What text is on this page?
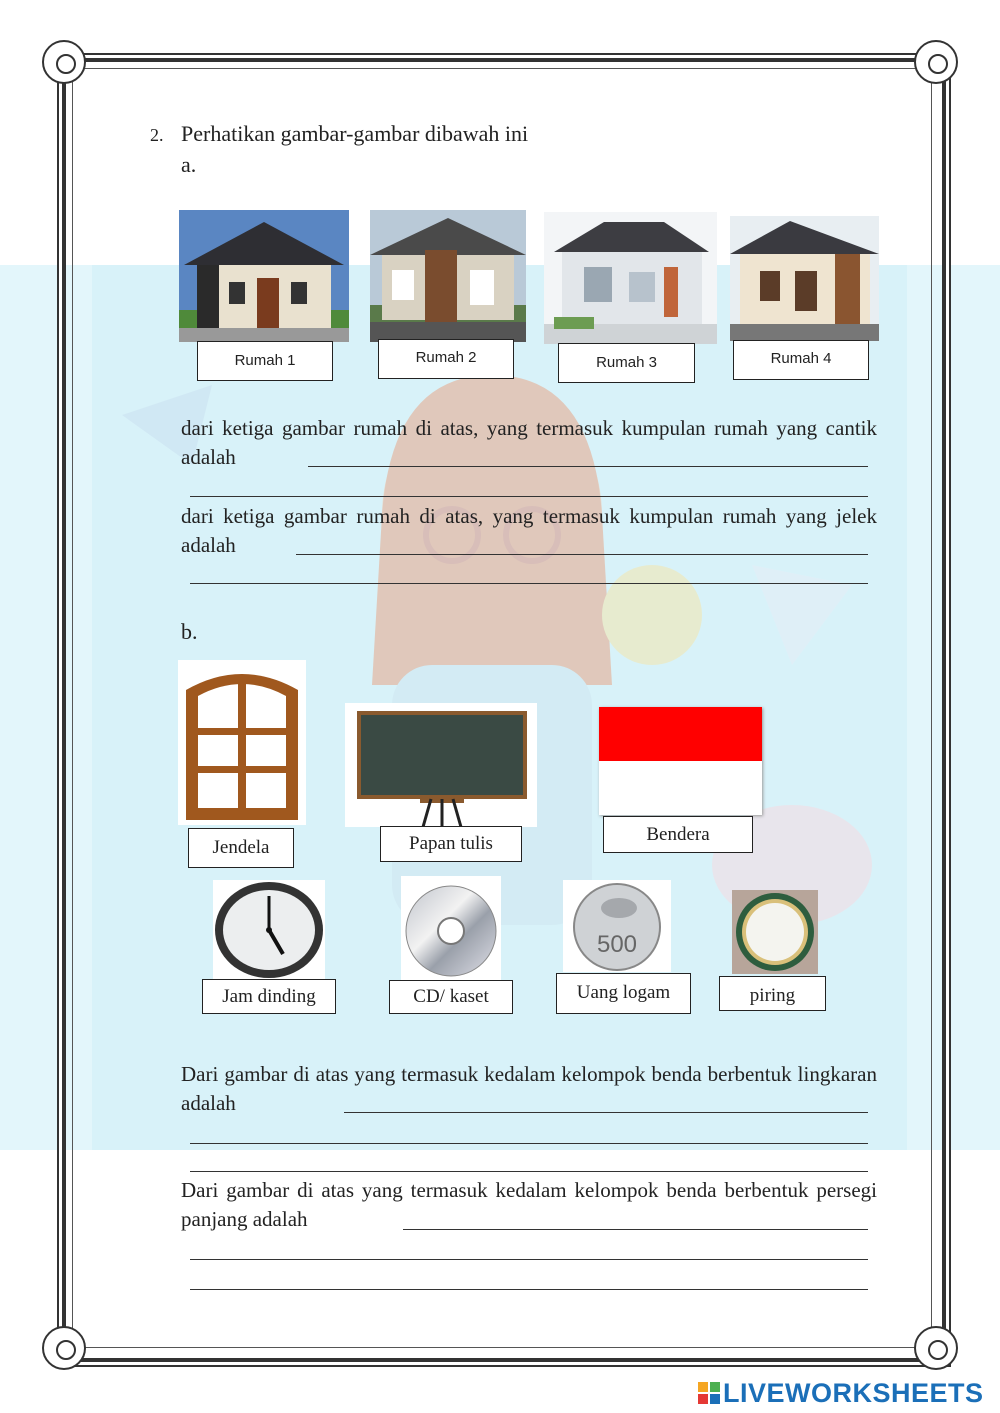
2. Perhatikan gambar-gambar dibawah ini
a.
Rumah 1	Rumah 2	Rumah 3	Rumah 4
dari ketiga gambar rumah di atas, yang termasuk kumpulan rumah yang cantik adalah
dari ketiga gambar rumah di atas, yang termasuk kumpulan rumah yang jelek adalah
b.
Jendela	Papan tulis	Bendera
500
Jam dinding	CD/ kaset	Uang logam	piring
Dari gambar di atas yang termasuk kedalam kelompok benda berbentuk lingkaran adalah
Dari gambar di atas yang termasuk kedalam kelompok benda berbentuk persegi panjang adalah
LIVEWORKSHEETS
